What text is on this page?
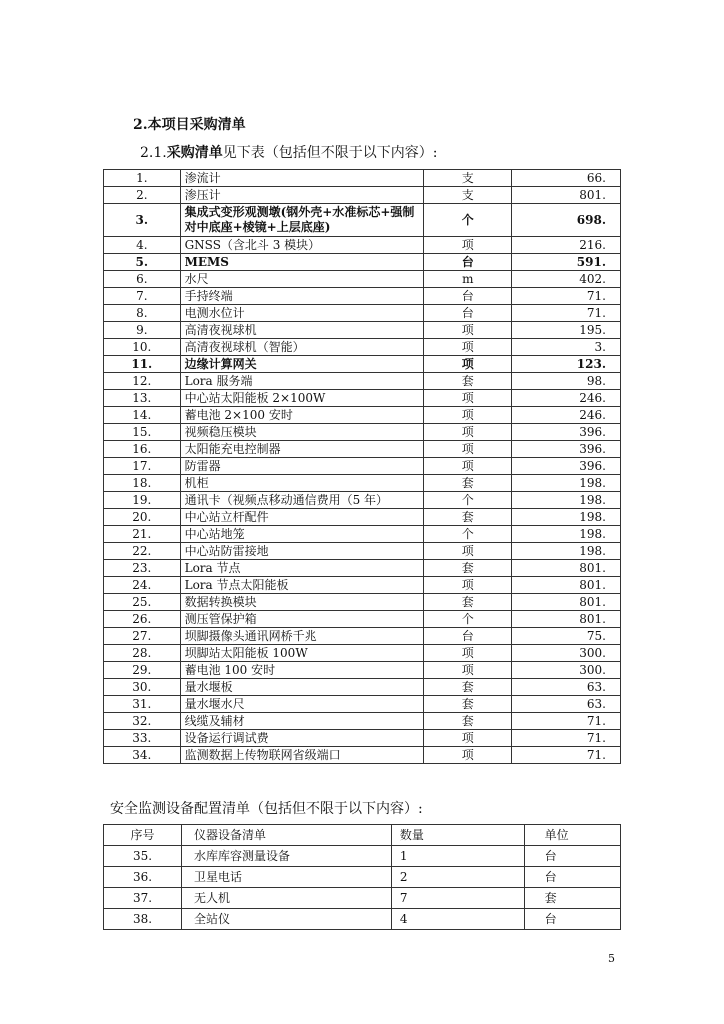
2.本项目采购清单
2.1.采购清单见下表（包括但不限于以下内容）:
1.	渗流计	支	66.
2.	渗压计	支	801.
3.	集成式变形观测墩(钢外壳+水准标芯+强制对中底座+棱镜+上层底座)	个	698.
4.	GNSS（含北斗 3 模块）	项	216.
5.	MEMS	台	591.
6.	水尺	m	402.
7.	手持终端	台	71.
8.	电测水位计	台	71.
9.	高清夜视球机	项	195.
10.	高清夜视球机（智能）	项	3.
11.	边缘计算网关	项	123.
12.	Lora 服务端	套	98.
13.	中心站太阳能板 2×100W	项	246.
14.	蓄电池 2×100 安时	项	246.
15.	视频稳压模块	项	396.
16.	太阳能充电控制器	项	396.
17.	防雷器	项	396.
18.	机柜	套	198.
19.	通讯卡（视频点移动通信费用（5 年）	个	198.
20.	中心站立杆配件	套	198.
21.	中心站地笼	个	198.
22.	中心站防雷接地	项	198.
23.	Lora 节点	套	801.
24.	Lora 节点太阳能板	项	801.
25.	数据转换模块	套	801.
26.	测压管保护箱	个	801.
27.	坝脚摄像头通讯网桥千兆	台	75.
28.	坝脚站太阳能板 100W	项	300.
29.	蓄电池 100 安时	项	300.
30.	量水堰板	套	63.
31.	量水堰水尺	套	63.
32.	线缆及辅材	套	71.
33.	设备运行调试费	项	71.
34.	监测数据上传物联网省级端口	项	71.
安全监测设备配置清单（包括但不限于以下内容）:
序号	仪器设备清单	数量	单位
35.	水库库容测量设备	1	台
36.	卫星电话	2	台
37.	无人机	7	套
38.	全站仪	4	台
5
